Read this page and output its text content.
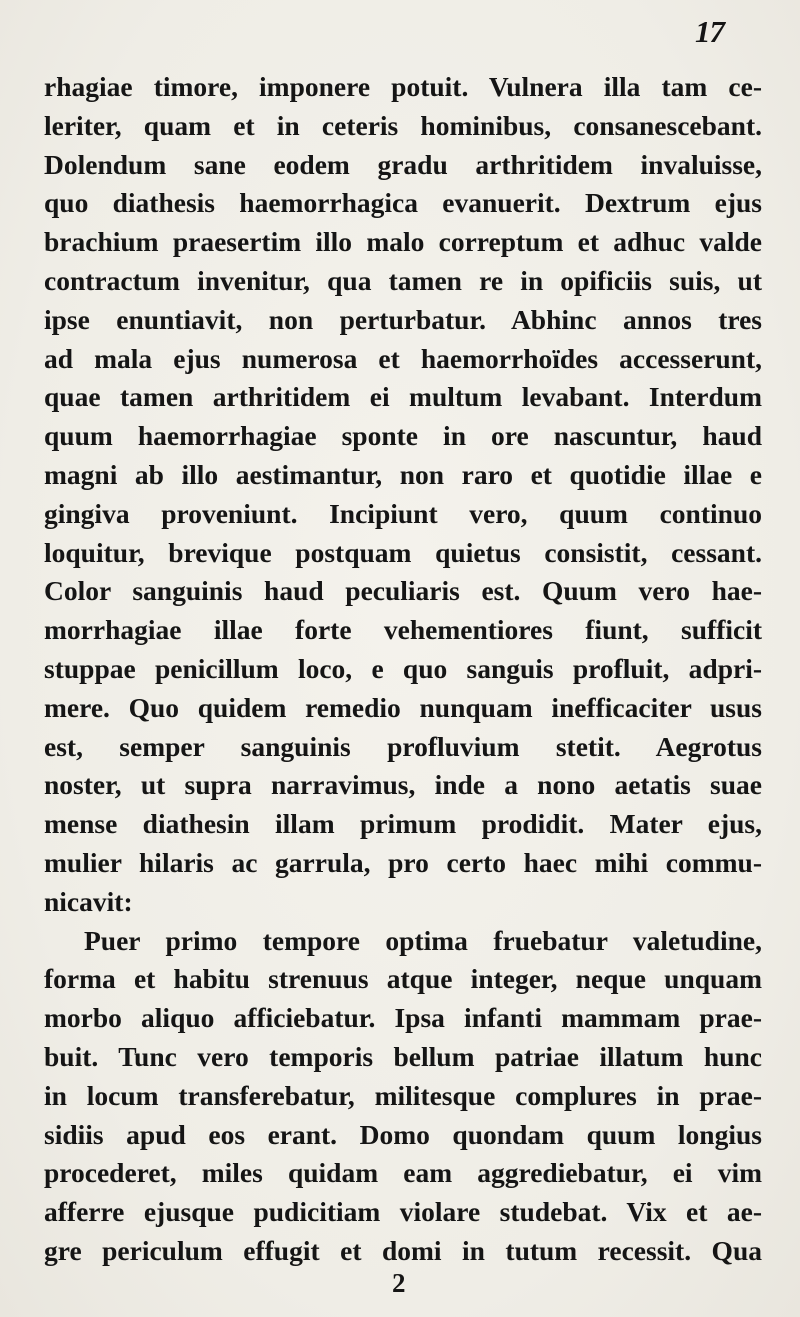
17
rhagiae timore, imponere potuit. Vulnera illa tam ce-
leriter, quam et in ceteris hominibus, consanescebant.
Dolendum sane eodem gradu arthritidem invaluisse,
quo diathesis haemorrhagica evanuerit. Dextrum ejus
brachium praesertim illo malo correptum et adhuc valde
contractum invenitur, qua tamen re in opificiis suis, ut
ipse enuntiavit, non perturbatur. Abhinc annos tres
ad mala ejus numerosa et haemorrhoïdes accesserunt,
quae tamen arthritidem ei multum levabant. Interdum
quum haemorrhagiae sponte in ore nascuntur, haud
magni ab illo aestimantur, non raro et quotidie illae e
gingiva proveniunt. Incipiunt vero, quum continuo
loquitur, brevique postquam quietus consistit, cessant.
Color sanguinis haud peculiaris est. Quum vero hae-
morrhagiae illae forte vehementiores fiunt, sufficit
stuppae penicillum loco, e quo sanguis profluit, adpri-
mere. Quo quidem remedio nunquam inefficaciter usus
est, semper sanguinis profluvium stetit. Aegrotus
noster, ut supra narravimus, inde a nono aetatis suae
mense diathesin illam primum prodidit. Mater ejus,
mulier hilaris ac garrula, pro certo haec mihi commu-
nicavit:
Puer primo tempore optima fruebatur valetudine,
forma et habitu strenuus atque integer, neque unquam
morbo aliquo afficiebatur. Ipsa infanti mammam prae-
buit. Tunc vero temporis bellum patriae illatum hunc
in locum transferebatur, militesque complures in prae-
sidiis apud eos erant. Domo quondam quum longius
procederet, miles quidam eam aggrediebatur, ei vim
afferre ejusque pudicitiam violare studebat. Vix et ae-
gre periculum effugit et domi in tutum recessit. Qua
2
